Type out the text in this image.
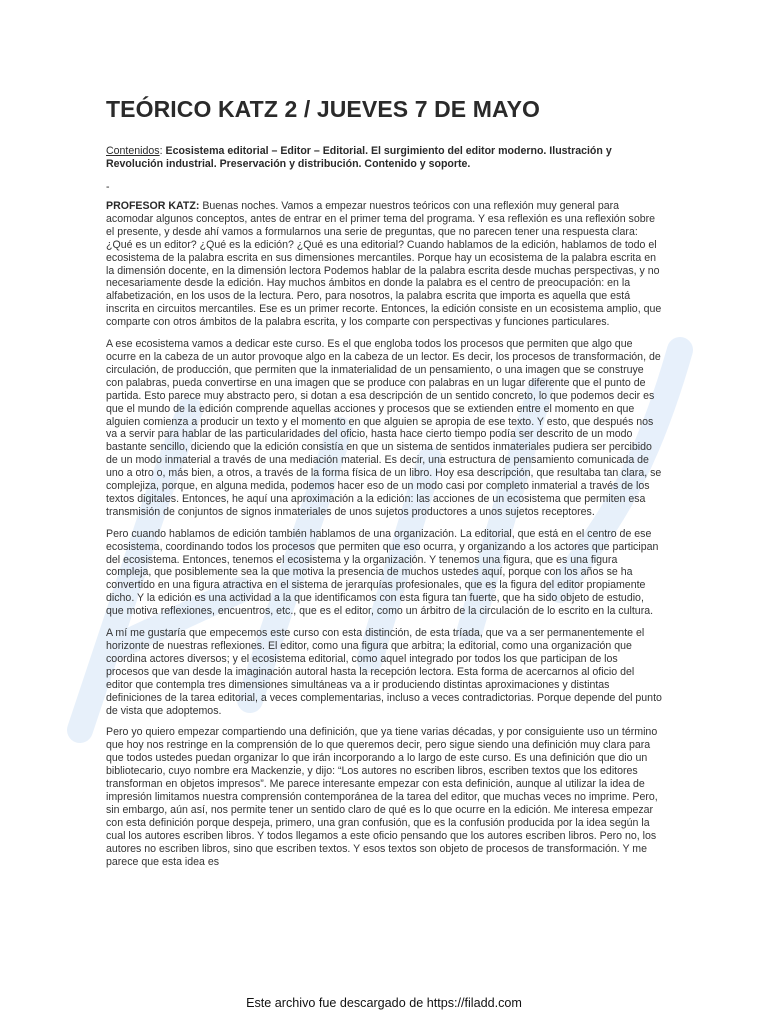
TEÓRICO KATZ 2 / JUEVES 7 DE MAYO
Contenidos: Ecosistema editorial – Editor – Editorial. El surgimiento del editor moderno. Ilustración y Revolución industrial. Preservación y distribución. Contenido y soporte.
-

PROFESOR KATZ: Buenas noches. Vamos a empezar nuestros teóricos con una reflexión muy general para acomodar algunos conceptos, antes de entrar en el primer tema del programa. Y esa reflexión es una reflexión sobre el presente, y desde ahí vamos a formularnos una serie de preguntas, que no parecen tener una respuesta clara: ¿Qué es un editor? ¿Qué es la edición? ¿Qué es una editorial? Cuando hablamos de la edición, hablamos de todo el ecosistema de la palabra escrita en sus dimensiones mercantiles. Porque hay un ecosistema de la palabra escrita en la dimensión docente, en la dimensión lectora Podemos hablar de la palabra escrita desde muchas perspectivas, y no necesariamente desde la edición. Hay muchos ámbitos en donde la palabra es el centro de preocupación: en la alfabetización, en los usos de la lectura. Pero, para nosotros, la palabra escrita que importa es aquella que está inscrita en circuitos mercantiles. Ese es un primer recorte. Entonces, la edición consiste en un ecosistema amplio, que comparte con otros ámbitos de la palabra escrita, y los comparte con perspectivas y funciones particulares.

A ese ecosistema vamos a dedicar este curso. Es el que engloba todos los procesos que permiten que algo que ocurre en la cabeza de un autor provoque algo en la cabeza de un lector. Es decir, los procesos de transformación, de circulación, de producción, que permiten que la inmaterialidad de un pensamiento, o una imagen que se construye con palabras, pueda convertirse en una imagen que se produce con palabras en un lugar diferente que el punto de partida. Esto parece muy abstracto pero, si dotan a esa descripción de un sentido concreto, lo que podemos decir es que el mundo de la edición comprende aquellas acciones y procesos que se extienden entre el momento en que alguien comienza a producir un texto y el momento en que alguien se apropia de ese texto. Y esto, que después nos va a servir para hablar de las particularidades del oficio, hasta hace cierto tiempo podía ser descrito de un modo bastante sencillo, diciendo que la edición consistía en que un sistema de sentidos inmateriales pudiera ser percibido de un modo inmaterial a través de una mediación material. Es decir, una estructura de pensamiento comunicada de uno a otro o, más bien, a otros, a través de la forma física de un libro. Hoy esa descripción, que resultaba tan clara, se complejiza, porque, en alguna medida, podemos hacer eso de un modo casi por completo inmaterial a través de los textos digitales. Entonces, he aquí una aproximación a la edición: las acciones de un ecosistema que permiten esa transmisión de conjuntos de signos inmateriales de unos sujetos productores a unos sujetos receptores.

Pero cuando hablamos de edición también hablamos de una organización. La editorial, que está en el centro de ese ecosistema, coordinando todos los procesos que permiten que eso ocurra, y organizando a los actores que participan del ecosistema. Entonces, tenemos el ecosistema y la organización. Y tenemos una figura, que es una figura compleja, que posiblemente sea la que motiva la presencia de muchos ustedes aquí, porque con los años se ha convertido en una figura atractiva en el sistema de jerarquías profesionales, que es la figura del editor propiamente dicho. Y la edición es una actividad a la que identificamos con esta figura tan fuerte, que ha sido objeto de estudio, que motiva reflexiones, encuentros, etc., que es el editor, como un árbitro de la circulación de lo escrito en la cultura.

A mí me gustaría que empecemos este curso con esta distinción, de esta tríada, que va a ser permanentemente el horizonte de nuestras reflexiones. El editor, como una figura que arbitra; la editorial, como una organización que coordina actores diversos; y el ecosistema editorial, como aquel integrado por todos los que participan de los procesos que van desde la imaginación autoral hasta la recepción lectora. Esta forma de acercarnos al oficio del editor que contempla tres dimensiones simultáneas va a ir produciendo distintas aproximaciones y distintas definiciones de la tarea editorial, a veces complementarias, incluso a veces contradictorias. Porque depende del punto de vista que adoptemos.

Pero yo quiero empezar compartiendo una definición, que ya tiene varias décadas, y por consiguiente uso un término que hoy nos restringe en la comprensión de lo que queremos decir, pero sigue siendo una definición muy clara para que todos ustedes puedan organizar lo que irán incorporando a lo largo de este curso. Es una definición que dio un bibliotecario, cuyo nombre era Mackenzie, y dijo: “Los autores no escriben libros, escriben textos que los editores transforman en objetos impresos”. Me parece interesante empezar con esta definición, aunque al utilizar la idea de impresión limitamos nuestra comprensión contemporánea de la tarea del editor, que muchas veces no imprime. Pero, sin embargo, aún así, nos permite tener un sentido claro de qué es lo que ocurre en la edición. Me interesa empezar con esta definición porque despeja, primero, una gran confusión, que es la confusión producida por la idea según la cual los autores escriben libros. Y todos llegamos a este oficio pensando que los autores escriben libros. Pero no, los autores no escriben libros, sino que escriben textos. Y esos textos son objeto de procesos de transformación. Y me parece que esta idea es

Este archivo fue descargado de https://filadd.com
